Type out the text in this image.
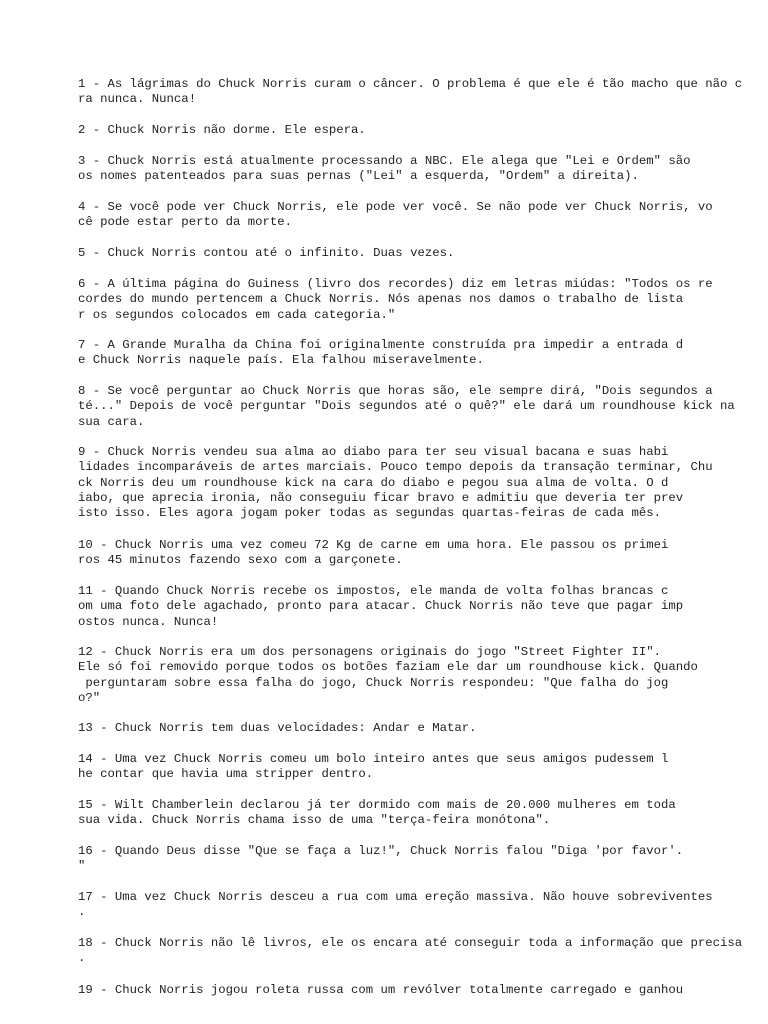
1 - As lágrimas do Chuck Norris curam o câncer. O problema é que ele é tão macho que não c
ra nunca. Nunca!
2 - Chuck Norris não dorme. Ele espera.
3 - Chuck Norris está atualmente processando a NBC. Ele alega que "Lei e Ordem" são
os nomes patenteados para suas pernas ("Lei" a esquerda, "Ordem" a direita).
4 - Se você pode ver Chuck Norris, ele pode ver você. Se não pode ver Chuck Norris, vo
cê pode estar perto da morte.
5 - Chuck Norris contou até o infinito. Duas vezes.
6 - A última página do Guiness (livro dos recordes) diz em letras miúdas: "Todos os re
cordes do mundo pertencem a Chuck Norris. Nós apenas nos damos o trabalho de lista
r os segundos colocados em cada categoria."
7 - A Grande Muralha da China foi originalmente construída pra impedir a entrada d
e Chuck Norris naquele país. Ela falhou miseravelmente.
8 - Se você perguntar ao Chuck Norris que horas são, ele sempre dirá, "Dois segundos a
té..." Depois de você perguntar "Dois segundos até o quê?" ele dará um roundhouse kick na
sua cara.
9 - Chuck Norris vendeu sua alma ao diabo para ter seu visual bacana e suas habi
lidades incomparáveis de artes marciais. Pouco tempo depois da transação terminar, Chu
ck Norris deu um roundhouse kick na cara do diabo e pegou sua alma de volta. O d
iabo, que aprecia ironia, não conseguiu ficar bravo e admitiu que deveria ter prev
isto isso. Eles agora jogam poker todas as segundas quartas-feiras de cada mês.
10 - Chuck Norris uma vez comeu 72 Kg de carne em uma hora. Ele passou os primei
ros 45 minutos fazendo sexo com a garçonete.
11 - Quando Chuck Norris recebe os impostos, ele manda de volta folhas brancas c
om uma foto dele agachado, pronto para atacar. Chuck Norris não teve que pagar imp
ostos nunca. Nunca!
12 - Chuck Norris era um dos personagens originais do jogo "Street Fighter II".
Ele só foi removido porque todos os botões faziam ele dar um roundhouse kick. Quando
perguntaram sobre essa falha do jogo, Chuck Norris respondeu: "Que falha do jog
o?"
13 - Chuck Norris tem duas velocidades: Andar e Matar.
14 - Uma vez Chuck Norris comeu um bolo inteiro antes que seus amigos pudessem l
he contar que havia uma stripper dentro.
15 - Wilt Chamberlein declarou já ter dormido com mais de 20.000 mulheres em toda
sua vida. Chuck Norris chama isso de uma "terça-feira monótona".
16 - Quando Deus disse "Que se faça a luz!", Chuck Norris falou "Diga 'por favor'.
"
17 - Uma vez Chuck Norris desceu a rua com uma ereção massiva. Não houve sobreviventes
.
18 - Chuck Norris não lê livros, ele os encara até conseguir toda a informação que precisa
.
19 - Chuck Norris jogou roleta russa com um revólver totalmente carregado e ganhou
